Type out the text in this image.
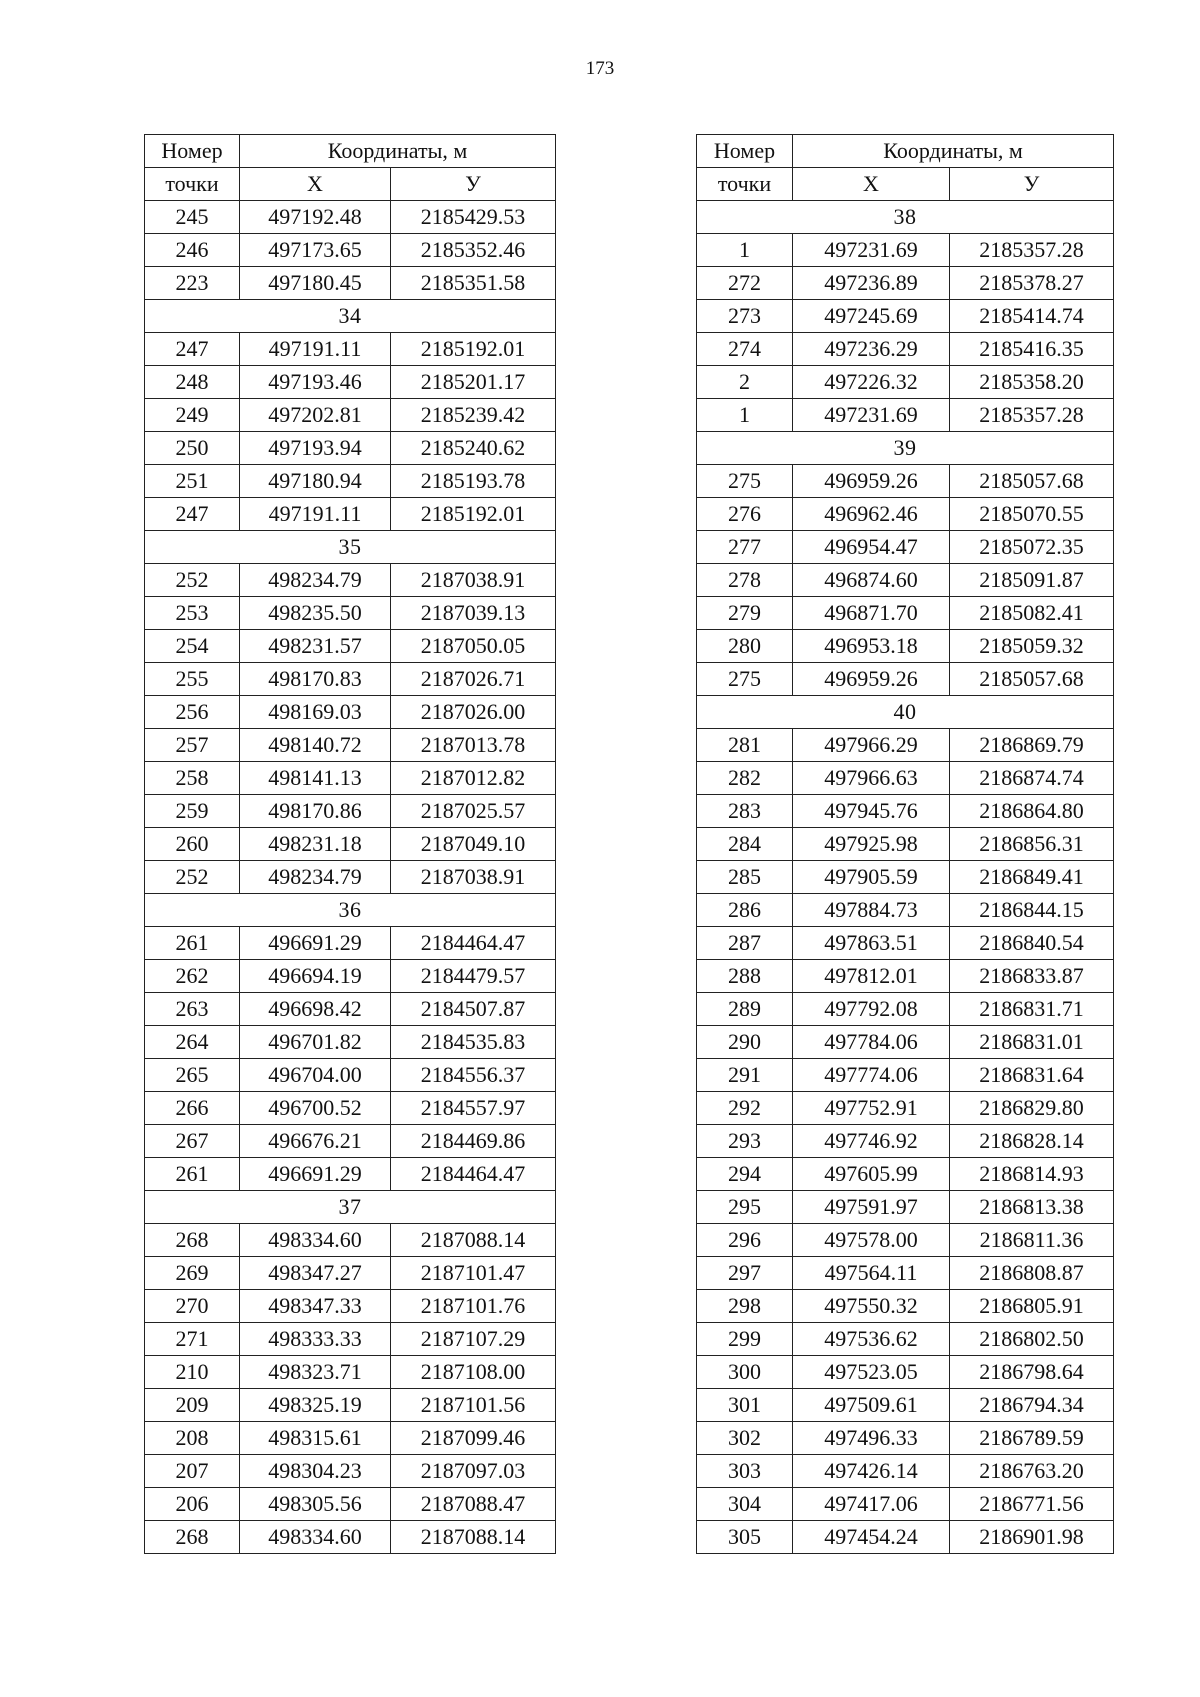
173
Номер	Координаты, м	
точки	X	У
245	497192.48	2185429.53
246	497173.65	2185352.46
223	497180.45	2185351.58
34		
247	497191.11	2185192.01
248	497193.46	2185201.17
249	497202.81	2185239.42
250	497193.94	2185240.62
251	497180.94	2185193.78
247	497191.11	2185192.01
35		
252	498234.79	2187038.91
253	498235.50	2187039.13
254	498231.57	2187050.05
255	498170.83	2187026.71
256	498169.03	2187026.00
257	498140.72	2187013.78
258	498141.13	2187012.82
259	498170.86	2187025.57
260	498231.18	2187049.10
252	498234.79	2187038.91
36		
261	496691.29	2184464.47
262	496694.19	2184479.57
263	496698.42	2184507.87
264	496701.82	2184535.83
265	496704.00	2184556.37
266	496700.52	2184557.97
267	496676.21	2184469.86
261	496691.29	2184464.47
37		
268	498334.60	2187088.14
269	498347.27	2187101.47
270	498347.33	2187101.76
271	498333.33	2187107.29
210	498323.71	2187108.00
209	498325.19	2187101.56
208	498315.61	2187099.46
207	498304.23	2187097.03
206	498305.56	2187088.47
268	498334.60	2187088.14
Номер	Координаты, м	
точки	X	У
38		
1	497231.69	2185357.28
272	497236.89	2185378.27
273	497245.69	2185414.74
274	497236.29	2185416.35
2	497226.32	2185358.20
1	497231.69	2185357.28
39		
275	496959.26	2185057.68
276	496962.46	2185070.55
277	496954.47	2185072.35
278	496874.60	2185091.87
279	496871.70	2185082.41
280	496953.18	2185059.32
275	496959.26	2185057.68
40		
281	497966.29	2186869.79
282	497966.63	2186874.74
283	497945.76	2186864.80
284	497925.98	2186856.31
285	497905.59	2186849.41
286	497884.73	2186844.15
287	497863.51	2186840.54
288	497812.01	2186833.87
289	497792.08	2186831.71
290	497784.06	2186831.01
291	497774.06	2186831.64
292	497752.91	2186829.80
293	497746.92	2186828.14
294	497605.99	2186814.93
295	497591.97	2186813.38
296	497578.00	2186811.36
297	497564.11	2186808.87
298	497550.32	2186805.91
299	497536.62	2186802.50
300	497523.05	2186798.64
301	497509.61	2186794.34
302	497496.33	2186789.59
303	497426.14	2186763.20
304	497417.06	2186771.56
305	497454.24	2186901.98
